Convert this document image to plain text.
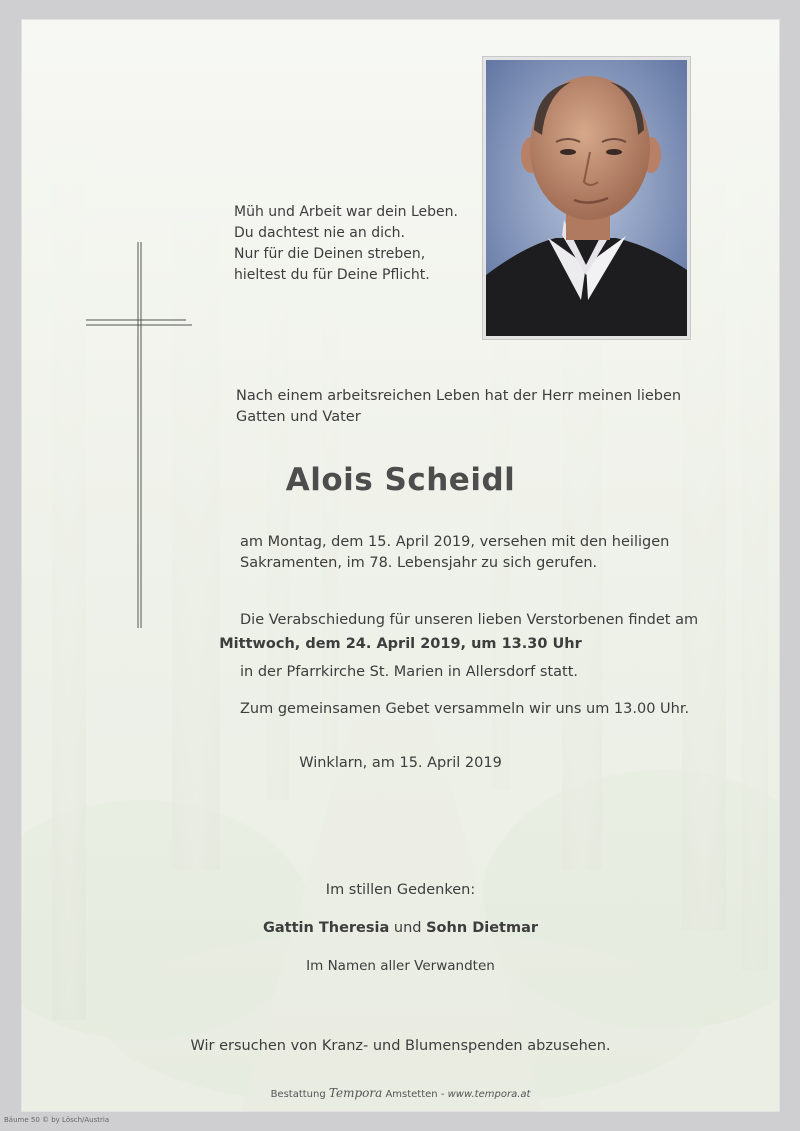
Müh und Arbeit war dein Leben.
Du dachtest nie an dich.
Nur für die Deinen streben,
hieltest du für Deine Pflicht.
Nach einem arbeitsreichen Leben hat der Herr meinen lieben Gatten und Vater
Alois Scheidl
am Montag, dem 15. April 2019, versehen mit den heiligen
Sakramenten, im 78. Lebensjahr zu sich gerufen.
Die Verabschiedung für unseren lieben Verstorbenen findet am
Mittwoch, dem 24. April 2019, um 13.30 Uhr
in der Pfarrkirche St. Marien in Allersdorf statt.
Zum gemeinsamen Gebet versammeln wir uns um 13.00 Uhr.
Winklarn, am 15. April 2019
Im stillen Gedenken:
Gattin Theresia und Sohn Dietmar
Im Namen aller Verwandten
Wir ersuchen von Kranz- und Blumenspenden abzusehen.
Bestattung Tempora Amstetten - www.tempora.at
Bäume 50 © by Lösch/Austria
